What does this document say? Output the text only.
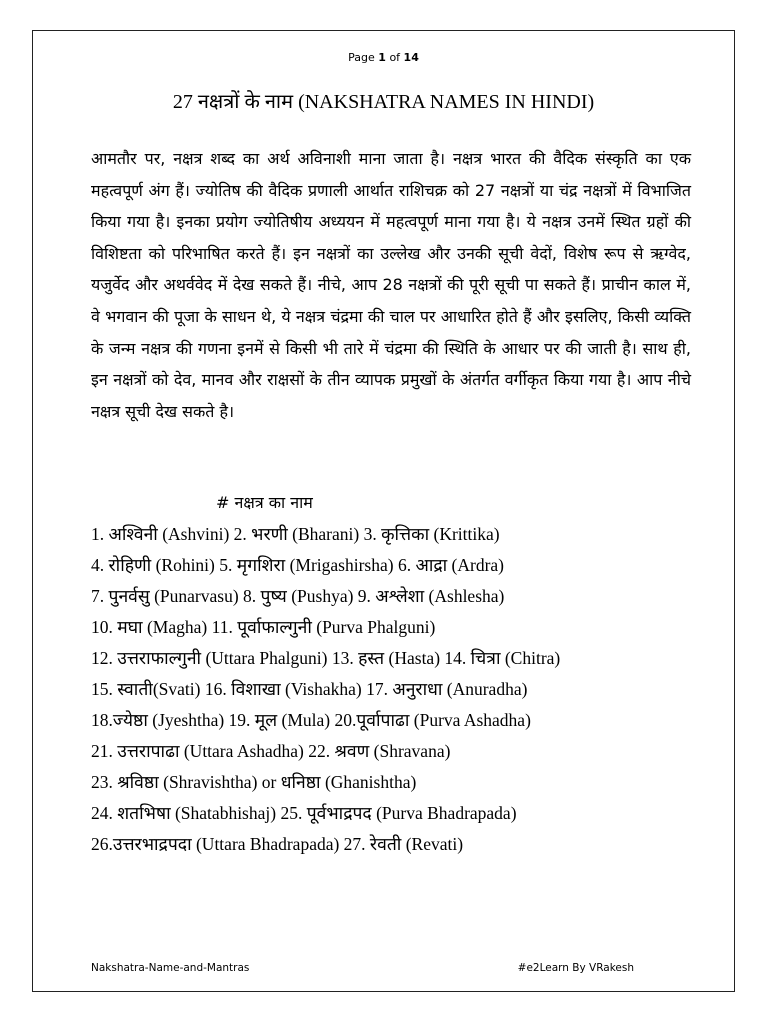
Page 1 of 14
27 नक्षत्रों के नाम (NAKSHATRA NAMES IN HINDI)

आमतौर पर, नक्षत्र शब्द का अर्थ अविनाशी माना जाता है। नक्षत्र भारत की वैदिक संस्कृति का एक महत्वपूर्ण अंग हैं। ज्योतिष की वैदिक प्रणाली आर्थात राशिचक्र को 27 नक्षत्रों या चंद्र नक्षत्रों में विभाजित किया गया है। इनका प्रयोग ज्योतिषीय अध्ययन में महत्वपूर्ण माना गया है। ये नक्षत्र उनमें स्थित ग्रहों की विशिष्टता को परिभाषित करते हैं। इन नक्षत्रों का उल्लेख और उनकी सूची वेदों, विशेष रूप से ऋग्वेद, यजुर्वेद और अथर्ववेद में देख सकते हैं। नीचे, आप 28 नक्षत्रों की पूरी सूची पा सकते हैं। प्राचीन काल में, वे भगवान की पूजा के साधन थे, ये नक्षत्र चंद्रमा की चाल पर आधारित होते हैं और इसलिए, किसी व्यक्ति के जन्म नक्षत्र की गणना इनमें से किसी भी तारे में चंद्रमा की स्थिति के आधार पर की जाती है। साथ ही, इन नक्षत्रों को देव, मानव और राक्षसों के तीन व्यापक प्रमुखों के अंतर्गत वर्गीकृत किया गया है। आप नीचे नक्षत्र सूची देख सकते है।

# नक्षत्र का नाम

1. अश्विनी (Ashvini) 2. भरणी (Bharani) 3. कृत्तिका (Krittika)
4. रोहिणी (Rohini) 5. मृगशिरा (Mrigashirsha) 6. आद्रा (Ardra)
7. पुनर्वसु (Punarvasu) 8. पुष्य (Pushya) 9. अश्लेशा (Ashlesha)
10. मघा (Magha) 11. पूर्वाफाल्गुनी (Purva Phalguni)
12. उत्तराफाल्गुनी (Uttara Phalguni) 13. हस्त (Hasta) 14. चित्रा (Chitra)
15. स्वाती(Svati) 16. विशाखा (Vishakha) 17. अनुराधा (Anuradha)
18.ज्येष्ठा (Jyeshtha) 19. मूल (Mula) 20.पूर्वापाढा (Purva Ashadha)
21. उत्तरापाढा (Uttara Ashadha) 22. श्रवण (Shravana)
23. श्रविष्ठा (Shravishtha) or धनिष्ठा (Ghanishtha)
24. शतभिषा (Shatabhishaj) 25. पूर्वभाद्रपद (Purva Bhadrapada)
26.उत्तरभाद्रपदा (Uttara Bhadrapada) 27. रेवती (Revati)
Nakshatra-Name-and-Mantras	#e2Learn By VRakesh
